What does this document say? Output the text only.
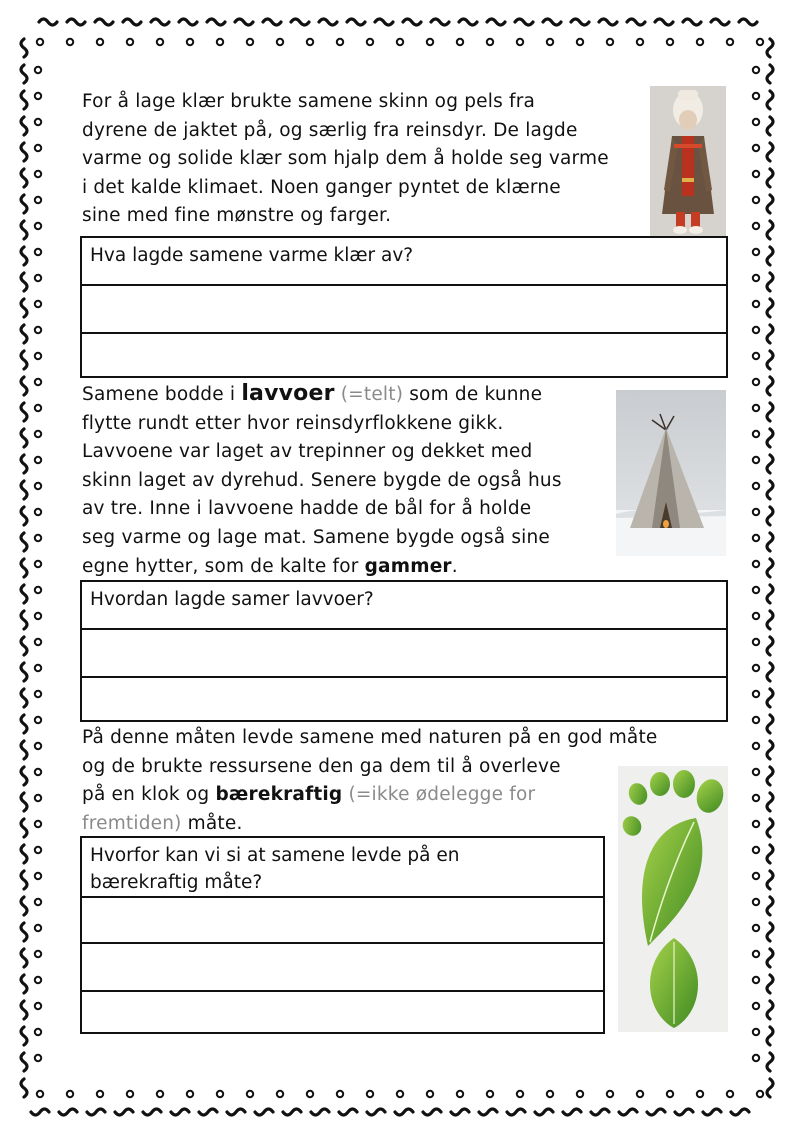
For å lage klær brukte samene skinn og pels fra
dyrene de jaktet på, og særlig fra reinsdyr. De lagde
varme og solide klær som hjalp dem å holde seg varme
i det kalde klimaet. Noen ganger pyntet de klærne
sine med fine mønstre og farger.
Hva lagde samene varme klær av?
Samene bodde i lavvoer (=telt) som de kunne
flytte rundt etter hvor reinsdyrflokkene gikk.
Lavvoene var laget av trepinner og dekket med
skinn laget av dyrehud. Senere bygde de også hus
av tre. Inne i lavvoene hadde de bål for å holde
seg varme og lage mat. Samene bygde også sine
egne hytter, som de kalte for gammer.
Hvordan lagde samer lavvoer?
På denne måten levde samene med naturen på en god måte
og de brukte ressursene den ga dem til å overleve
på en klok og bærekraftig (=ikke ødelegge for
fremtiden) måte.
Hvorfor kan vi si at samene levde på en
bærekraftig måte?
